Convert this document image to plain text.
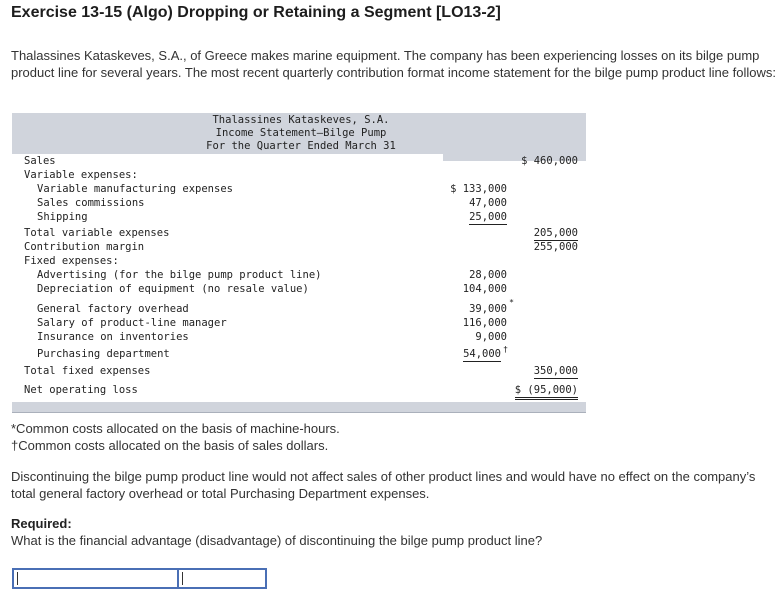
Exercise 13-15 (Algo) Dropping or Retaining a Segment [LO13-2]
Thalassines Kataskeves, S.A., of Greece makes marine equipment. The company has been experiencing losses on its bilge pump product line for several years. The most recent quarterly contribution format income statement for the bilge pump product line follows:
Thalassines Kataskeves, S.A.
Income Statement—Bilge Pump
For the Quarter Ended March 31
Sales	$ 460,000
Variable expenses:
Variable manufacturing expenses	$ 133,000
Sales commissions	47,000
Shipping	25,000
Total variable expenses	205,000
Contribution margin	255,000
Fixed expenses:
Advertising (for the bilge pump product line)	28,000
Depreciation of equipment (no resale value)	104,000
General factory overhead	39,000
*
Salary of product-line manager	116,000
Insurance on inventories	9,000
Purchasing department	54,000 †
Total fixed expenses	350,000
Net operating loss	$ (95,000)
*Common costs allocated on the basis of machine-hours.
†Common costs allocated on the basis of sales dollars.
Discontinuing the bilge pump product line would not affect sales of other product lines and would have no effect on the company’s total general factory overhead or total Purchasing Department expenses.
Required:
What is the financial advantage (disadvantage) of discontinuing the bilge pump product line?
